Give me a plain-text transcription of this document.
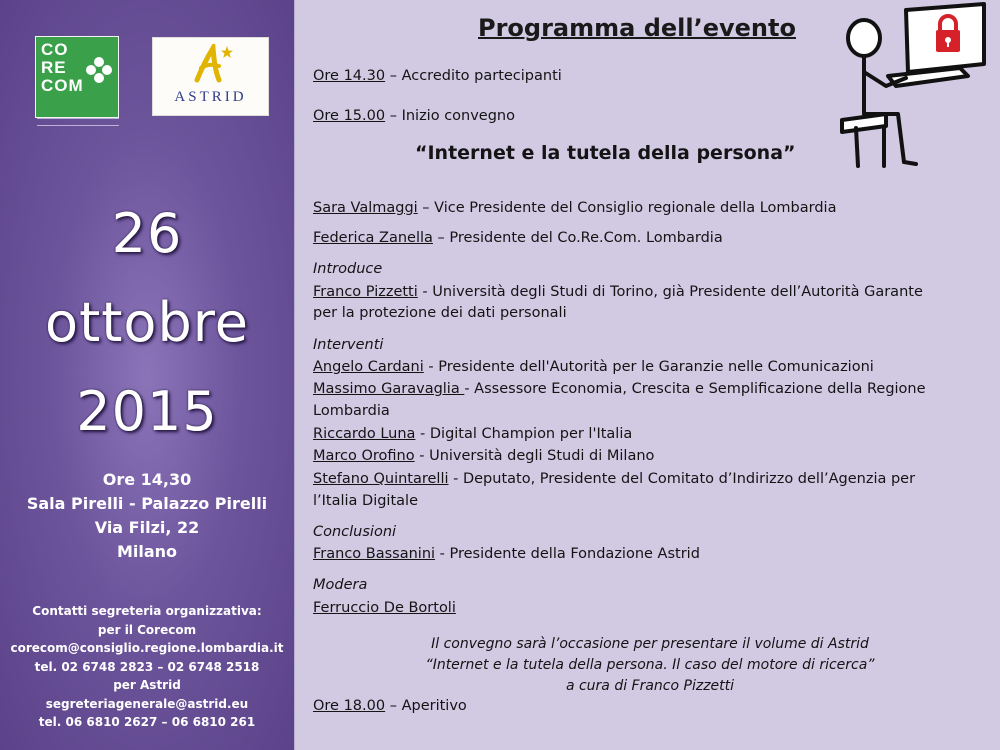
CO
RE
COM
ASTRID
26
ottobre
2015
Ore 14,30
Sala Pirelli - Palazzo Pirelli
Via Filzi, 22
Milano
Contatti segreteria organizzativa:
per il Corecom
corecom@consiglio.regione.lombardia.it
tel. 02 6748 2823 – 02 6748 2518
per Astrid
segreteriagenerale@astrid.eu
tel. 06 6810 2627 – 06 6810 261
Programma dell’evento
Ore 14.30 – Accredito partecipanti
Ore 15.00 – Inizio convegno
“Internet e la tutela della persona”
Sara Valmaggi – Vice Presidente del Consiglio regionale della Lombardia
Federica Zanella – Presidente del Co.Re.Com. Lombardia
Introduce
Franco Pizzetti - Università degli Studi di Torino, già Presidente dell’Autorità Garante
per la protezione dei dati personali
Interventi
Angelo Cardani - Presidente dell'Autorità per le Garanzie nelle Comunicazioni
Massimo Garavaglia - Assessore Economia, Crescita e Semplificazione della Regione
Lombardia
Riccardo Luna - Digital Champion per l'Italia
Marco Orofino - Università degli Studi di Milano
Stefano Quintarelli - Deputato, Presidente del Comitato d’Indirizzo dell’Agenzia per
l’Italia Digitale
Conclusioni
Franco Bassanini - Presidente della Fondazione Astrid
Modera
Ferruccio De Bortoli
Il convegno sarà l’occasione per presentare il volume di Astrid
“Internet e la tutela della persona. Il caso del motore di ricerca”
a cura di Franco Pizzetti
Ore 18.00 – Aperitivo
